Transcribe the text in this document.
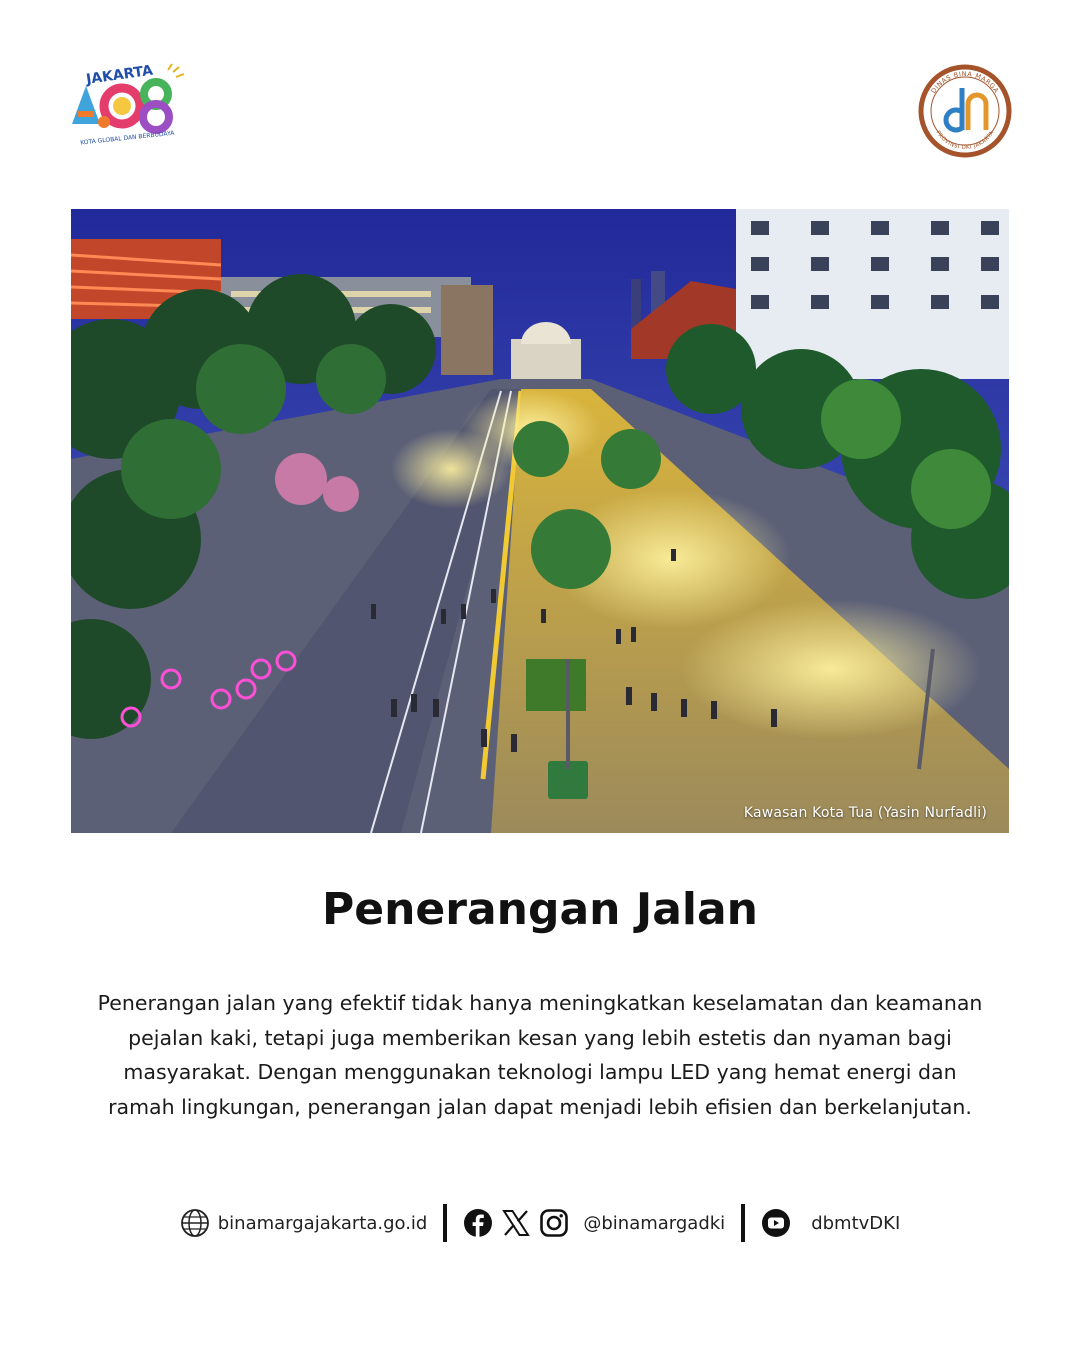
JAKARTA
498
KOTA GLOBAL DAN BERBUDAYA
DINAS BINA MARGA
PROVINSI DKI JAKARTA
Kawasan Kota Tua (Yasin Nurfadli)
Penerangan Jalan
Penerangan jalan yang efektif tidak hanya meningkatkan keselamatan dan keamanan
pejalan kaki, tetapi juga memberikan kesan yang lebih estetis dan nyaman bagi
masyarakat. Dengan menggunakan teknologi lampu LED yang hemat energi dan
ramah lingkungan, penerangan jalan dapat menjadi lebih efisien dan berkelanjutan.
binamargajakarta.go.id	@binamargadki	dbmtvDKI
